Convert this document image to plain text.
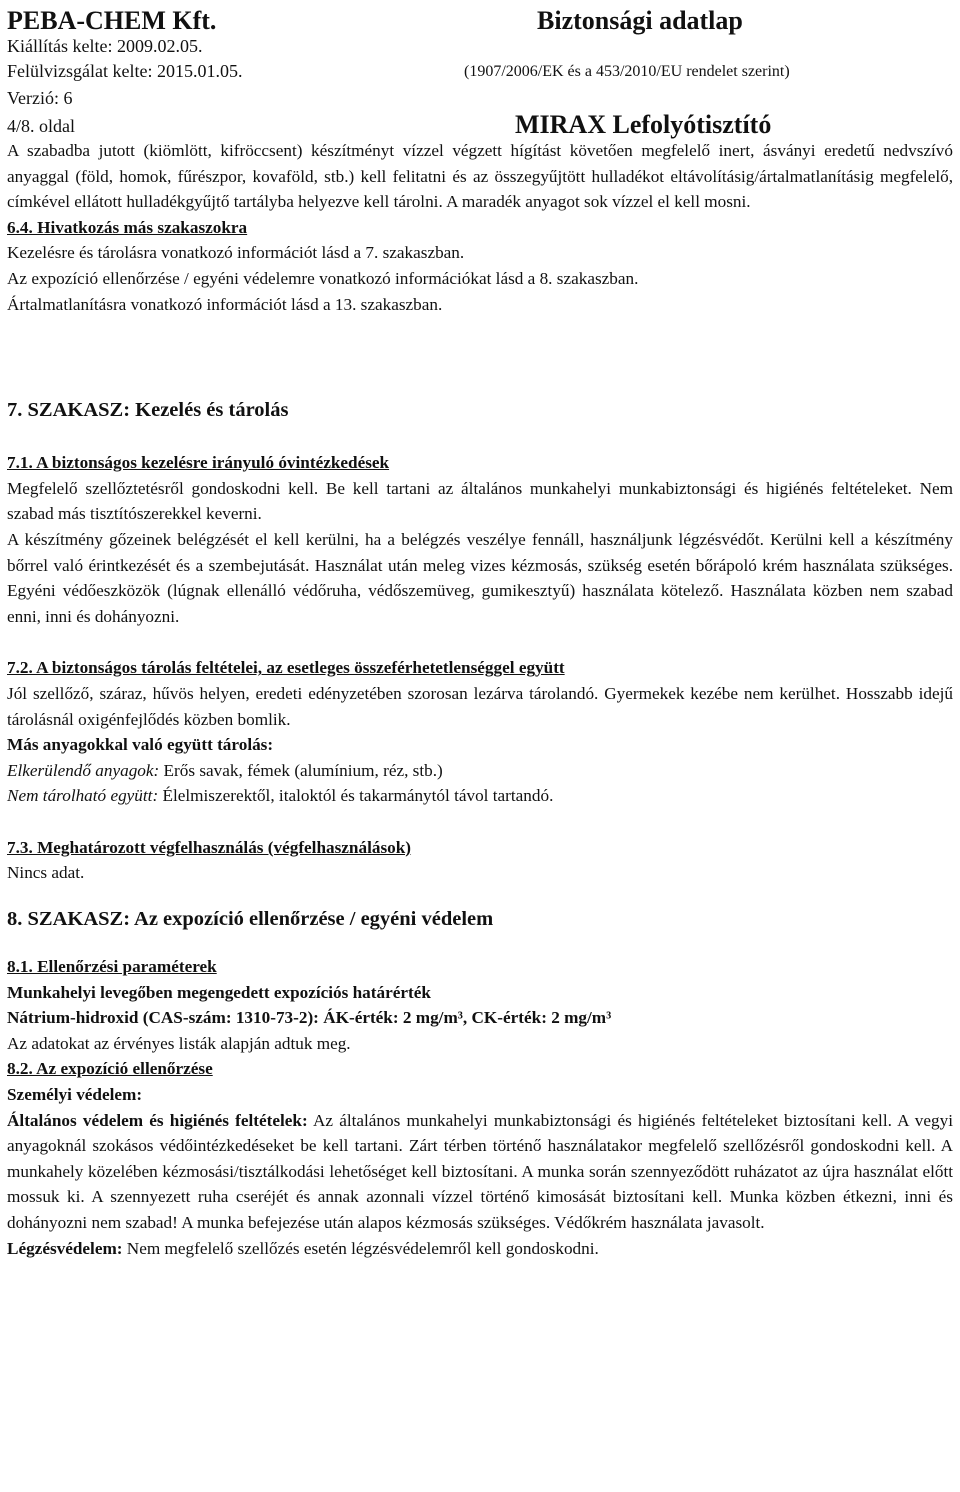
PEBA-CHEM Kft.	Biztonsági adatlap
Kiállítás kelte: 2009.02.05.
Felülvizsgálat kelte: 2015.01.05.	(1907/2006/EK és a 453/2010/EU rendelet szerint)
Verzió: 6
4/8. oldal	MIRAX Lefolyótisztító

A szabadba jutott (kiömlött, kifröccsent) készítményt vízzel végzett hígítást követően megfelelő inert, ásványi eredetű nedvszívó anyaggal (föld, homok, fűrészpor, kovaföld, stb.) kell felitatni és az összegyűjtött hulladékot eltávolításig/ártalmatlanításig megfelelő, címkével ellátott hulladékgyűjtő tartályba helyezve kell tárolni. A maradék anyagot sok vízzel el kell mosni.

6.4. Hivatkozás más szakaszokra

Kezelésre és tárolásra vonatkozó információt lásd a 7. szakaszban.

Az expozíció ellenőrzése / egyéni védelemre vonatkozó információkat lásd a 8. szakaszban.

Ártalmatlanításra vonatkozó információt lásd a 13. szakaszban.

7. SZAKASZ: Kezelés és tárolás

7.1. A biztonságos kezelésre irányuló óvintézkedések

Megfelelő szellőztetésről gondoskodni kell. Be kell tartani az általános munkahelyi munkabiztonsági és higiénés feltételeket. Nem szabad más tisztítószerekkel keverni.

A készítmény gőzeinek belégzését el kell kerülni, ha a belégzés veszélye fennáll, használjunk légzésvédőt. Kerülni kell a készítmény bőrrel való érintkezését és a szembejutását. Használat után meleg vizes kézmosás, szükség esetén bőrápoló krém használata szükséges. Egyéni védőeszközök (lúgnak ellenálló védőruha, védőszemüveg, gumikesztyű) használata kötelező. Használata közben nem szabad enni, inni és dohányozni.

7.2. A biztonságos tárolás feltételei, az esetleges összeférhetetlenséggel együtt

Jól szellőző, száraz, hűvös helyen, eredeti edényzetében szorosan lezárva tárolandó. Gyermekek kezébe nem kerülhet. Hosszabb idejű tárolásnál oxigénfejlődés közben bomlik.

Más anyagokkal való együtt tárolás:

Elkerülendő anyagok: Erős savak, fémek (alumínium, réz, stb.)

Nem tárolható együtt: Élelmiszerektől, italoktól és takarmánytól távol tartandó.

7.3. Meghatározott végfelhasználás (végfelhasználások)

Nincs adat.

8. SZAKASZ: Az expozíció ellenőrzése / egyéni védelem

8.1. Ellenőrzési paraméterek

Munkahelyi levegőben megengedett expozíciós határérték

Nátrium-hidroxid (CAS-szám: 1310-73-2): ÁK-érték: 2 mg/m³, CK-érték: 2 mg/m³

Az adatokat az érvényes listák alapján adtuk meg.

8.2. Az expozíció ellenőrzése

Személyi védelem:

Általános védelem és higiénés feltételek: Az általános munkahelyi munkabiztonsági és higiénés feltételeket biztosítani kell. A vegyi anyagoknál szokásos védőintézkedéseket be kell tartani. Zárt térben történő használatakor megfelelő szellőzésről gondoskodni kell. A munkahely közelében kézmosási/tisztálkodási lehetőséget kell biztosítani. A munka során szennyeződött ruházatot az újra használat előtt mossuk ki. A szennyezett ruha cseréjét és annak azonnali vízzel történő kimosását biztosítani kell. Munka közben étkezni, inni és dohányozni nem szabad! A munka befejezése után alapos kézmosás szükséges. Védőkrém használata javasolt.

Légzésvédelem: Nem megfelelő szellőzés esetén légzésvédelemről kell gondoskodni.
